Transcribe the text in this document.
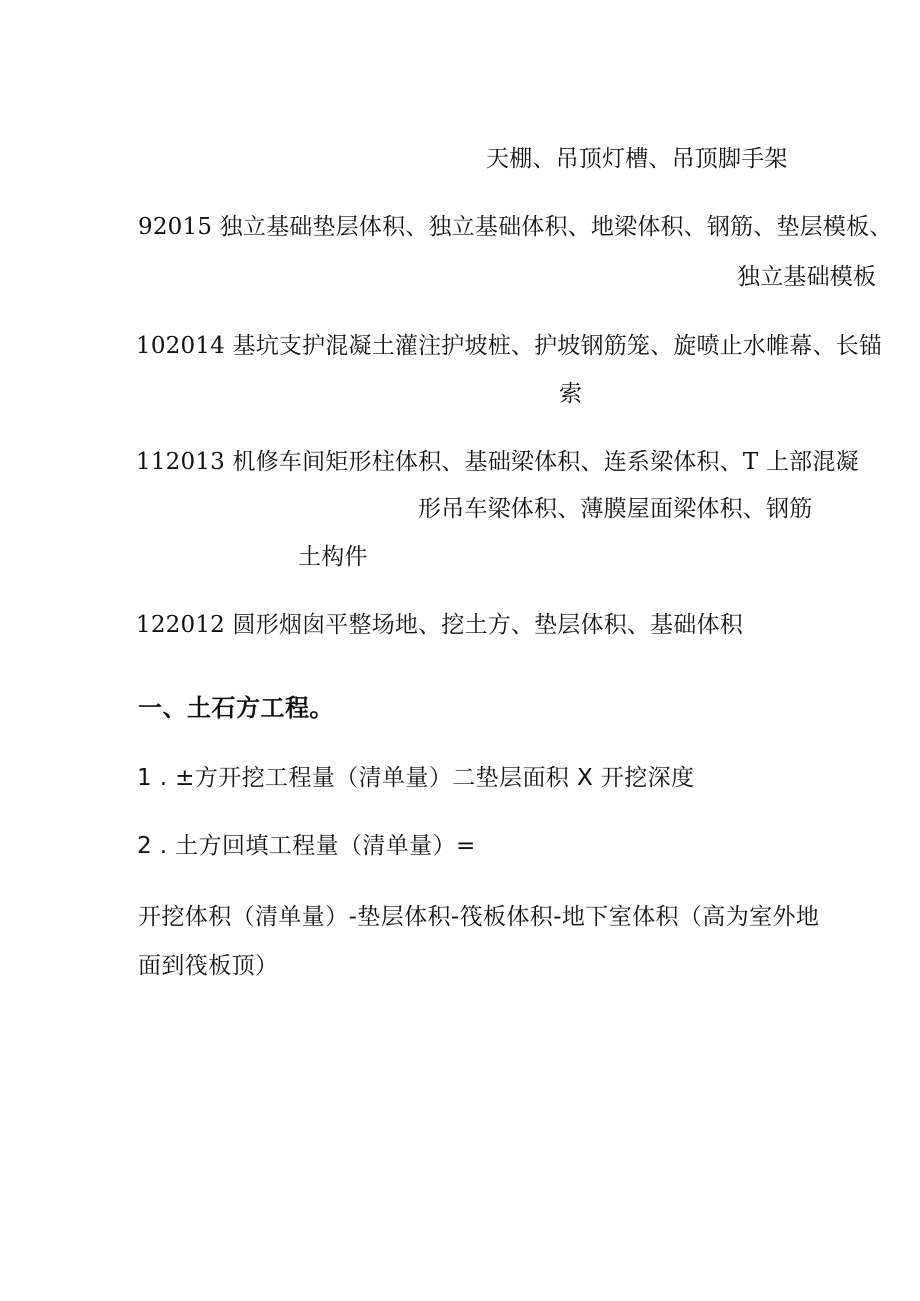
天棚、吊顶灯槽、吊顶脚手架
92015 独立基础垫层体积、独立基础体积、地梁体积、钢筋、垫层模板、
独立基础模板
102014 基坑支护混凝土灌注护坡桩、护坡钢筋笼、旋喷止水帷幕、长锚
索
112013 机修车间矩形柱体积、基础梁体积、连系梁体积、T 上部混凝
形吊车梁体积、薄膜屋面梁体积、钢筋
土构件
122012 圆形烟囱平整场地、挖土方、垫层体积、基础体积
一、土石方工程。
1 . ±方开挖工程量（清单量）二垫层面积 X 开挖深度
2 . 土方回填工程量（清单量）=
开挖体积（清单量）-垫层体积-筏板体积-地下室体积（高为室外地
面到筏板顶）
